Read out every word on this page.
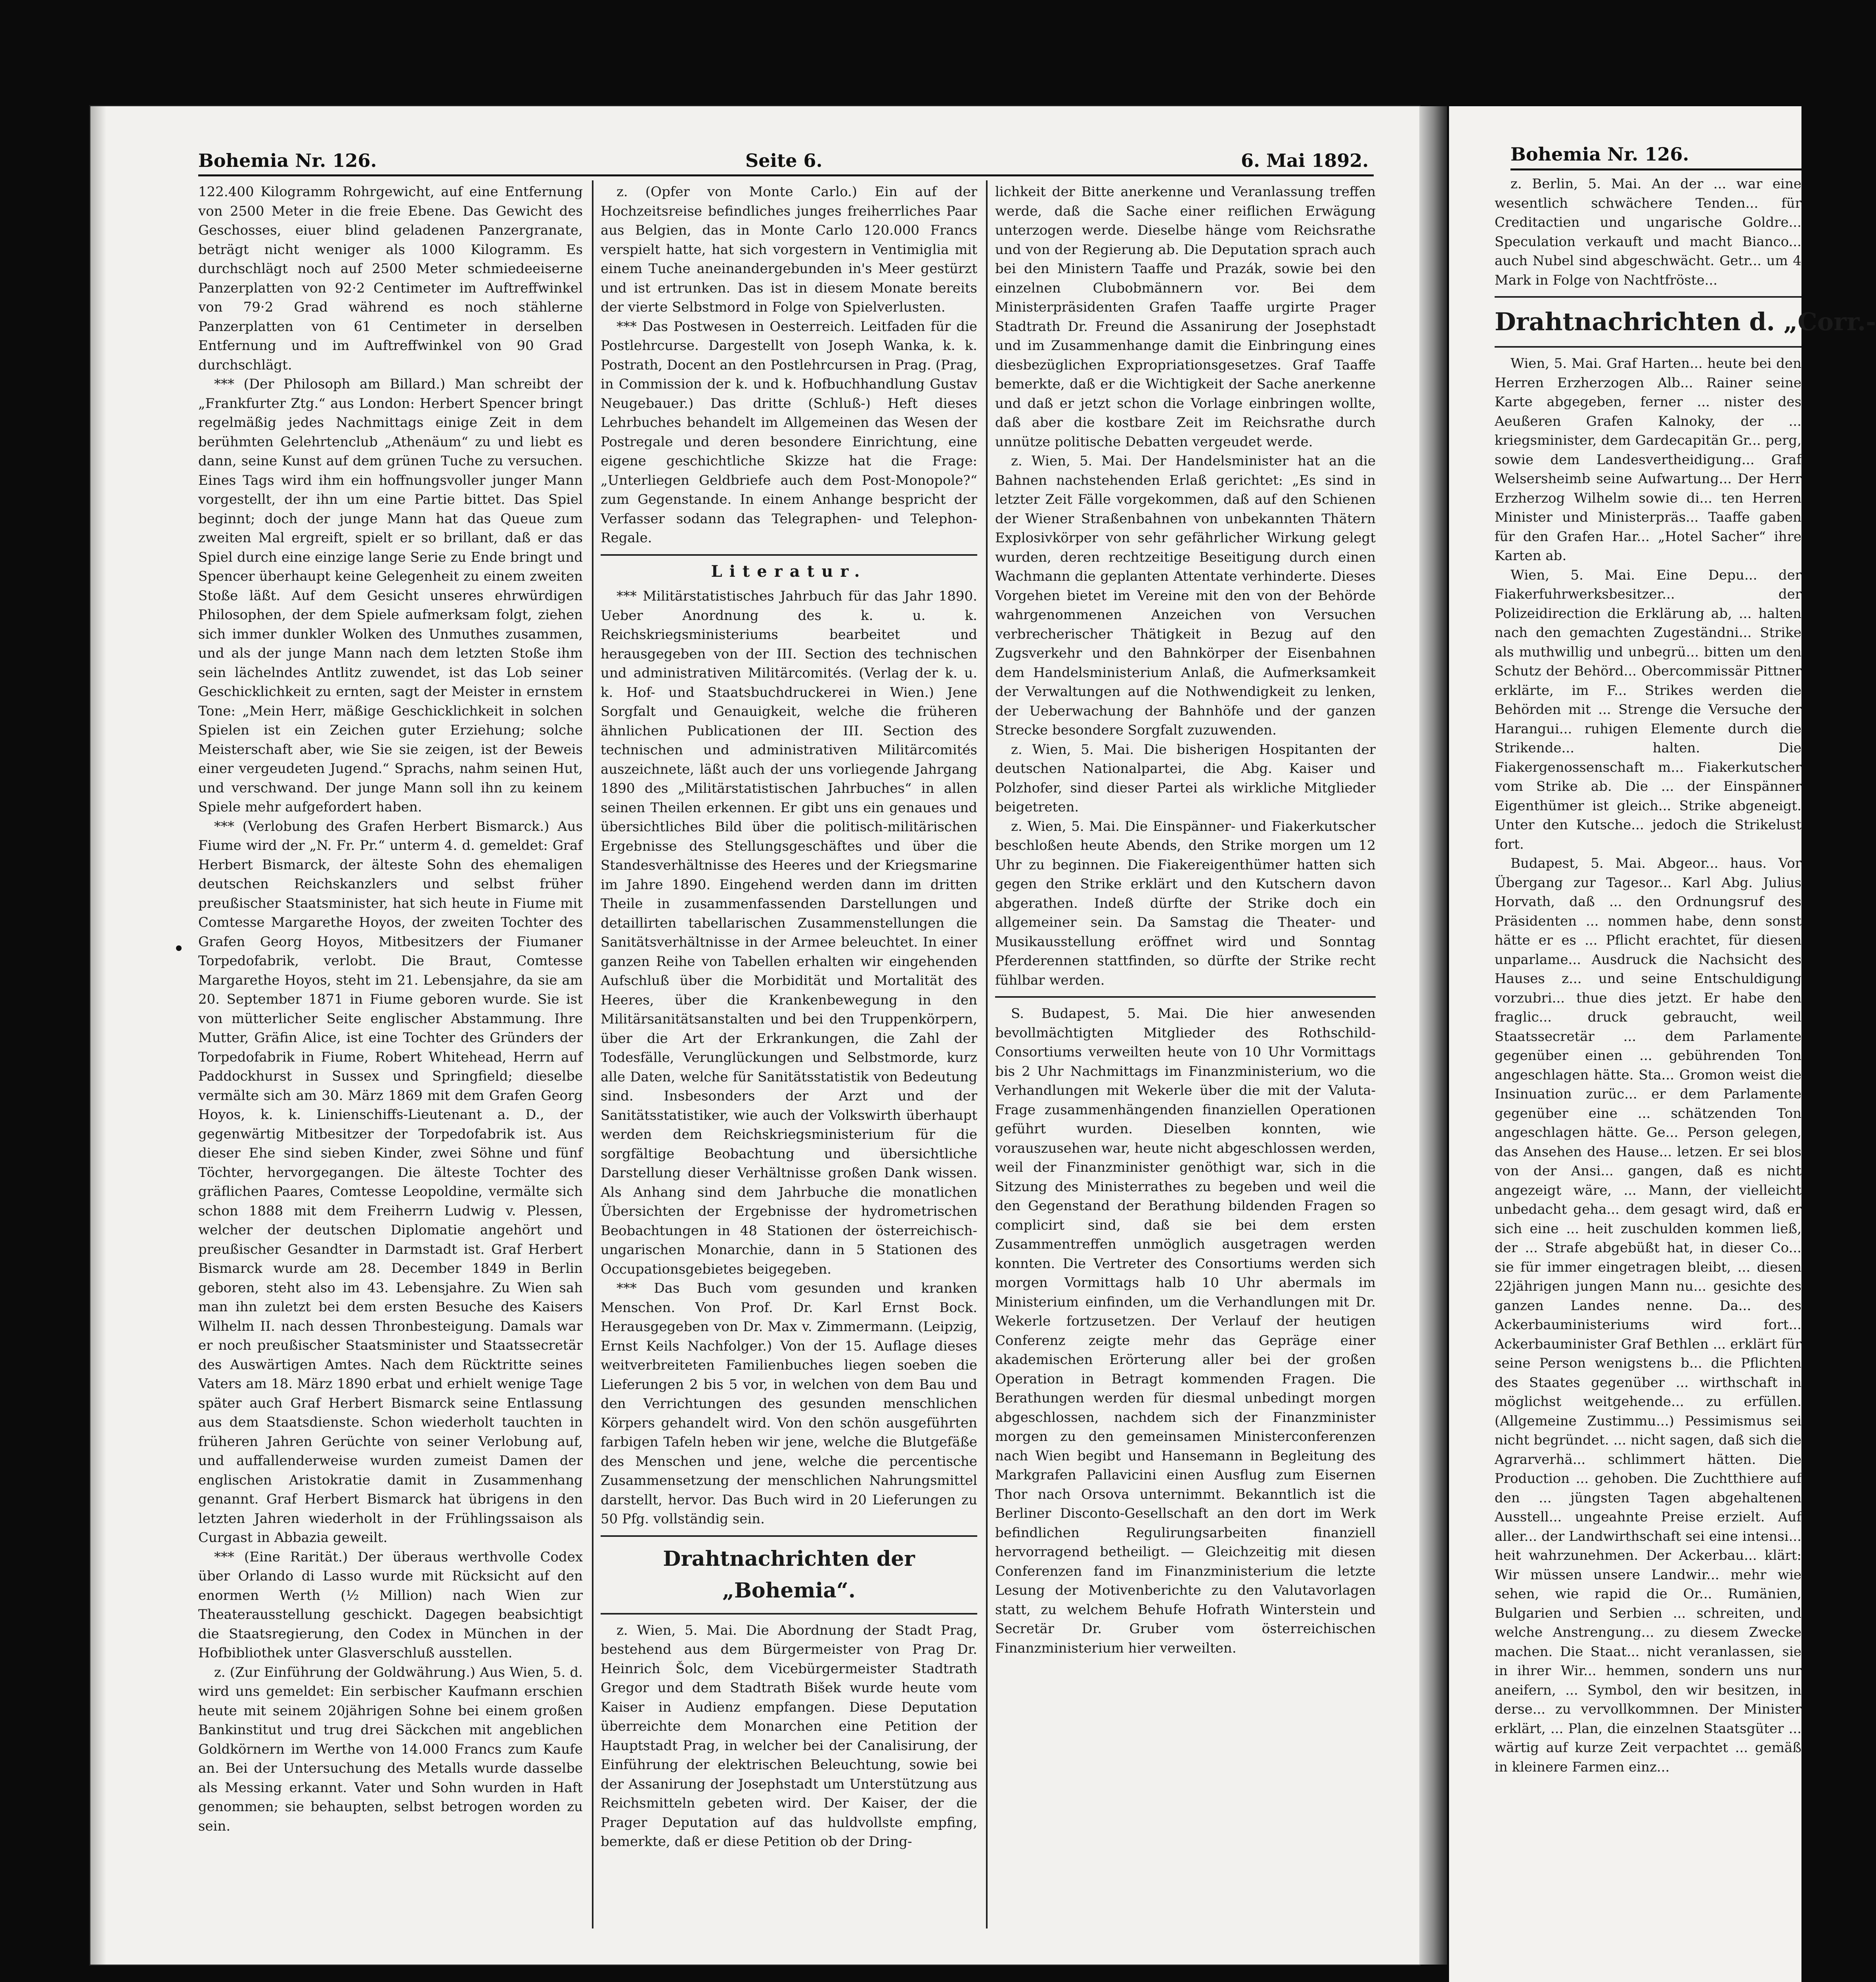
Bohemia Nr. 126.	Seite 6.	6. Mai 1892.

122.400 Kilogramm Rohrgewicht, auf eine Entfernung von 2500 Meter in die freie Ebene. Das Gewicht des Geschosses, eiuer blind geladenen Panzergranate, beträgt nicht weniger als 1000 Kilogramm. Es durchschlägt noch auf 2500 Meter schmiedeeiserne Panzerplatten von 92·2 Centimeter im Auftreffwinkel von 79·2 Grad während es noch stählerne Panzerplatten von 61 Centimeter in derselben Entfernung und im Auftreffwinkel von 90 Grad durchschlägt.

*** (Der Philosoph am Billard.) Man schreibt der „Frankfurter Ztg.“ aus London: Herbert Spencer bringt regelmäßig jedes Nachmittags einige Zeit in dem berühmten Gelehrtenclub „Athenäum“ zu und liebt es dann, seine Kunst auf dem grünen Tuche zu versuchen. Eines Tags wird ihm ein hoffnungsvoller junger Mann vorgestellt, der ihn um eine Partie bittet. Das Spiel beginnt; doch der junge Mann hat das Queue zum zweiten Mal ergreift, spielt er so brillant, daß er das Spiel durch eine einzige lange Serie zu Ende bringt und Spencer überhaupt keine Gelegenheit zu einem zweiten Stoße läßt. Auf dem Gesicht unseres ehrwürdigen Philosophen, der dem Spiele aufmerksam folgt, ziehen sich immer dunkler Wolken des Unmuthes zusammen, und als der junge Mann nach dem letzten Stoße ihm sein lächelndes Antlitz zuwendet, ist das Lob seiner Geschicklichkeit zu ernten, sagt der Meister in ernstem Tone: „Mein Herr, mäßige Geschicklichkeit in solchen Spielen ist ein Zeichen guter Erziehung; solche Meisterschaft aber, wie Sie sie zeigen, ist der Beweis einer vergeudeten Jugend.“ Sprachs, nahm seinen Hut, und verschwand. Der junge Mann soll ihn zu keinem Spiele mehr aufgefordert haben.

*** (Verlobung des Grafen Herbert Bismarck.) Aus Fiume wird der „N. Fr. Pr.“ unterm 4. d. gemeldet: Graf Herbert Bismarck, der älteste Sohn des ehemaligen deutschen Reichskanzlers und selbst früher preußischer Staatsminister, hat sich heute in Fiume mit Comtesse Margarethe Hoyos, der zweiten Tochter des Grafen Georg Hoyos, Mitbesitzers der Fiumaner Torpedofabrik, verlobt. Die Braut, Comtesse Margarethe Hoyos, steht im 21. Lebensjahre, da sie am 20. September 1871 in Fiume geboren wurde. Sie ist von mütterlicher Seite englischer Abstammung. Ihre Mutter, Gräfin Alice, ist eine Tochter des Gründers der Torpedofabrik in Fiume, Robert Whitehead, Herrn auf Paddockhurst in Sussex und Springfield; dieselbe vermälte sich am 30. März 1869 mit dem Grafen Georg Hoyos, k. k. Linienschiffs-Lieutenant a. D., der gegenwärtig Mitbesitzer der Torpedofabrik ist. Aus dieser Ehe sind sieben Kinder, zwei Söhne und fünf Töchter, hervorgegangen. Die älteste Tochter des gräflichen Paares, Comtesse Leopoldine, vermälte sich schon 1888 mit dem Freiherrn Ludwig v. Plessen, welcher der deutschen Diplomatie angehört und preußischer Gesandter in Darmstadt ist. Graf Herbert Bismarck wurde am 28. December 1849 in Berlin geboren, steht also im 43. Lebensjahre. Zu Wien sah man ihn zuletzt bei dem ersten Besuche des Kaisers Wilhelm II. nach dessen Thronbesteigung. Damals war er noch preußischer Staatsminister und Staatssecretär des Auswärtigen Amtes. Nach dem Rücktritte seines Vaters am 18. März 1890 erbat und erhielt wenige Tage später auch Graf Herbert Bismarck seine Entlassung aus dem Staatsdienste. Schon wiederholt tauchten in früheren Jahren Gerüchte von seiner Verlobung auf, und auffallenderweise wurden zumeist Damen der englischen Aristokratie damit in Zusammenhang genannt. Graf Herbert Bismarck hat übrigens in den letzten Jahren wiederholt in der Frühlingssaison als Curgast in Abbazia geweilt.

*** (Eine Rarität.) Der überaus werthvolle Codex über Orlando di Lasso wurde mit Rücksicht auf den enormen Werth (½ Million) nach Wien zur Theaterausstellung geschickt. Dagegen beabsichtigt die Staatsregierung, den Codex in München in der Hofbibliothek unter Glasverschluß ausstellen.

z. (Zur Einführung der Goldwährung.) Aus Wien, 5. d. wird uns gemeldet: Ein serbischer Kaufmann erschien heute mit seinem 20jährigen Sohne bei einem großen Bankinstitut und trug drei Säckchen mit angeblichen Goldkörnern im Werthe von 14.000 Francs zum Kaufe an. Bei der Untersuchung des Metalls wurde dasselbe als Messing erkannt. Vater und Sohn wurden in Haft genommen; sie behaupten, selbst betrogen worden zu sein.

z. (Opfer von Monte Carlo.) Ein auf der Hochzeitsreise befindliches junges freiherrliches Paar aus Belgien, das in Monte Carlo 120.000 Francs verspielt hatte, hat sich vorgestern in Ventimiglia mit einem Tuche aneinandergebunden in's Meer gestürzt und ist ertrunken. Das ist in diesem Monate bereits der vierte Selbstmord in Folge von Spielverlusten.

*** Das Postwesen in Oesterreich. Leitfaden für die Postlehrcurse. Dargestellt von Joseph Wanka, k. k. Postrath, Docent an den Postlehrcursen in Prag. (Prag, in Commission der k. und k. Hofbuchhandlung Gustav Neugebauer.) Das dritte (Schluß-) Heft dieses Lehrbuches behandelt im Allgemeinen das Wesen der Postregale und deren besondere Einrichtung, eine eigene geschichtliche Skizze hat die Frage: „Unterliegen Geldbriefe auch dem Post-Monopole?“ zum Gegenstande. In einem Anhange bespricht der Verfasser sodann das Telegraphen- und Telephon-Regale.

Literatur.

*** Militärstatistisches Jahrbuch für das Jahr 1890. Ueber Anordnung des k. u. k. Reichskriegsministeriums bearbeitet und herausgegeben von der III. Section des technischen und administrativen Militärcomités. (Verlag der k. u. k. Hof- und Staatsbuchdruckerei in Wien.) Jene Sorgfalt und Genauigkeit, welche die früheren ähnlichen Publicationen der III. Section des technischen und administrativen Militärcomités auszeichnete, läßt auch der uns vorliegende Jahrgang 1890 des „Militärstatistischen Jahrbuches“ in allen seinen Theilen erkennen. Er gibt uns ein genaues und übersichtliches Bild über die politisch-militärischen Ergebnisse des Stellungsgeschäftes und über die Standesverhältnisse des Heeres und der Kriegsmarine im Jahre 1890. Eingehend werden dann im dritten Theile in zusammenfassenden Darstellungen und detaillirten tabellarischen Zusammenstellungen die Sanitätsverhältnisse in der Armee beleuchtet. In einer ganzen Reihe von Tabellen erhalten wir eingehenden Aufschluß über die Morbidität und Mortalität des Heeres, über die Krankenbewegung in den Militärsanitätsanstalten und bei den Truppenkörpern, über die Art der Erkrankungen, die Zahl der Todesfälle, Verunglückungen und Selbstmorde, kurz alle Daten, welche für Sanitätsstatistik von Bedeutung sind. Insbesonders der Arzt und der Sanitätsstatistiker, wie auch der Volkswirth überhaupt werden dem Reichskriegsministerium für die sorgfältige Beobachtung und übersichtliche Darstellung dieser Verhältnisse großen Dank wissen. Als Anhang sind dem Jahrbuche die monatlichen Übersichten der Ergebnisse der hydrometrischen Beobachtungen in 48 Stationen der österreichisch-ungarischen Monarchie, dann in 5 Stationen des Occupationsgebietes beigegeben.

*** Das Buch vom gesunden und kranken Menschen. Von Prof. Dr. Karl Ernst Bock. Herausgegeben von Dr. Max v. Zimmermann. (Leipzig, Ernst Keils Nachfolger.) Von der 15. Auflage dieses weitverbreiteten Familienbuches liegen soeben die Lieferungen 2 bis 5 vor, in welchen von dem Bau und den Verrichtungen des gesunden menschlichen Körpers gehandelt wird. Von den schön ausgeführten farbigen Tafeln heben wir jene, welche die Blutgefäße des Menschen und jene, welche die percentische Zusammensetzung der menschlichen Nahrungsmittel darstellt, hervor. Das Buch wird in 20 Lieferungen zu 50 Pfg. vollständig sein.

Drahtnachrichten der „Bohemia“.

z. Wien, 5. Mai. Die Abordnung der Stadt Prag, bestehend aus dem Bürgermeister von Prag Dr. Heinrich Šolc, dem Vicebürgermeister Stadtrath Gregor und dem Stadtrath Bišek wurde heute vom Kaiser in Audienz empfangen. Diese Deputation überreichte dem Monarchen eine Petition der Hauptstadt Prag, in welcher bei der Canalisirung, der Einführung der elektrischen Beleuchtung, sowie bei der Assanirung der Josephstadt um Unterstützung aus Reichsmitteln gebeten wird. Der Kaiser, der die Prager Deputation auf das huldvollste empfing, bemerkte, daß er diese Petition ob der Dring-

lichkeit der Bitte anerkenne und Veranlassung treffen werde, daß die Sache einer reiflichen Erwägung unterzogen werde. Dieselbe hänge vom Reichsrathe und von der Regierung ab. Die Deputation sprach auch bei den Ministern Taaffe und Prazák, sowie bei den einzelnen Clubobmännern vor. Bei dem Ministerpräsidenten Grafen Taaffe urgirte Prager Stadtrath Dr. Freund die Assanirung der Josephstadt und im Zusammenhange damit die Einbringung eines diesbezüglichen Expropriationsgesetzes. Graf Taaffe bemerkte, daß er die Wichtigkeit der Sache anerkenne und daß er jetzt schon die Vorlage einbringen wollte, daß aber die kostbare Zeit im Reichsrathe durch unnütze politische Debatten vergeudet werde.

z. Wien, 5. Mai. Der Handelsminister hat an die Bahnen nachstehenden Erlaß gerichtet: „Es sind in letzter Zeit Fälle vorgekommen, daß auf den Schienen der Wiener Straßenbahnen von unbekannten Thätern Explosivkörper von sehr gefährlicher Wirkung gelegt wurden, deren rechtzeitige Beseitigung durch einen Wachmann die geplanten Attentate verhinderte. Dieses Vorgehen bietet im Vereine mit den von der Behörde wahrgenommenen Anzeichen von Versuchen verbrecherischer Thätigkeit in Bezug auf den Zugsverkehr und den Bahnkörper der Eisenbahnen dem Handelsministerium Anlaß, die Aufmerksamkeit der Verwaltungen auf die Nothwendigkeit zu lenken, der Ueberwachung der Bahnhöfe und der ganzen Strecke besondere Sorgfalt zuzuwenden.

z. Wien, 5. Mai. Die bisherigen Hospitanten der deutschen Nationalpartei, die Abg. Kaiser und Polzhofer, sind dieser Partei als wirkliche Mitglieder beigetreten.

z. Wien, 5. Mai. Die Einspänner- und Fiakerkutscher beschloßen heute Abends, den Strike morgen um 12 Uhr zu beginnen. Die Fiakereigenthümer hatten sich gegen den Strike erklärt und den Kutschern davon abgerathen. Indeß dürfte der Strike doch ein allgemeiner sein. Da Samstag die Theater- und Musikausstellung eröffnet wird und Sonntag Pferderennen stattfinden, so dürfte der Strike recht fühlbar werden.

S. Budapest, 5. Mai. Die hier anwesenden bevollmächtigten Mitglieder des Rothschild-Consortiums verweilten heute von 10 Uhr Vormittags bis 2 Uhr Nachmittags im Finanzministerium, wo die Verhandlungen mit Wekerle über die mit der Valuta-Frage zusammenhängenden finanziellen Operationen geführt wurden. Dieselben konnten, wie vorauszusehen war, heute nicht abgeschlossen werden, weil der Finanzminister genöthigt war, sich in die Sitzung des Ministerrathes zu begeben und weil die den Gegenstand der Berathung bildenden Fragen so complicirt sind, daß sie bei dem ersten Zusammentreffen unmöglich ausgetragen werden konnten. Die Vertreter des Consortiums werden sich morgen Vormittags halb 10 Uhr abermals im Ministerium einfinden, um die Verhandlungen mit Dr. Wekerle fortzusetzen. Der Verlauf der heutigen Conferenz zeigte mehr das Gepräge einer akademischen Erörterung aller bei der großen Operation in Betragt kommenden Fragen. Die Berathungen werden für diesmal unbedingt morgen abgeschlossen, nachdem sich der Finanzminister morgen zu den gemeinsamen Ministerconferenzen nach Wien begibt und Hansemann in Begleitung des Markgrafen Pallavicini einen Ausflug zum Eisernen Thor nach Orsova unternimmt. Bekanntlich ist die Berliner Disconto-Gesellschaft an den dort im Werk befindlichen Regulirungsarbeiten finanziell hervorragend betheiligt. — Gleichzeitig mit diesen Conferenzen fand im Finanzministerium die letzte Lesung der Motivenberichte zu den Valutavorlagen statt, zu welchem Behufe Hofrath Winterstein und Secretär Dr. Gruber vom österreichischen Finanzministerium hier verweilten.

Bohemia Nr. 126.

z. Berlin, 5. Mai. An der ... war eine wesentlich schwächere Tenden... für Creditactien und ungarische Goldre... Speculation verkauft und macht Bianco... auch Nubel sind abgeschwächt. Getr... um 4 Mark in Folge von Nachtfröste...

Drahtnachrichten d. „Corr.-

Wien, 5. Mai. Graf Harten... heute bei den Herren Erzherzogen Alb... Rainer seine Karte abgegeben, ferner ... nister des Aeußeren Grafen Kalnoky, der ... kriegsminister, dem Gardecapitän Gr... perg, sowie dem Landesvertheidigung... Graf Welsersheimb seine Aufwartung... Der Herr Erzherzog Wilhelm sowie di... ten Herren Minister und Ministerpräs... Taaffe gaben für den Grafen Har... „Hotel Sacher“ ihre Karten ab.

Wien, 5. Mai. Eine Depu... der Fiakerfuhrwerksbesitzer... der Polizeidirection die Erklärung ab, ... halten nach den gemachten Zugeständni... Strike als muthwillig und unbegrü... bitten um den Schutz der Behörd... Obercommissär Pittner erklärte, im F... Strikes werden die Behörden mit ... Strenge die Versuche der Harangui... ruhigen Elemente durch die Strikende... halten. Die Fiakergenossenschaft m... Fiakerkutscher vom Strike ab. Die ... der Einspänner Eigenthümer ist gleich... Strike abgeneigt. Unter den Kutsche... jedoch die Strikelust fort.

Budapest, 5. Mai. Abgeor... haus. Vor Übergang zur Tagesor... Karl Abg. Julius Horvath, daß ... den Ordnungsruf des Präsidenten ... nommen habe, denn sonst hätte er es ... Pflicht erachtet, für diesen unparlame... Ausdruck die Nachsicht des Hauses z... und seine Entschuldigung vorzubri... thue dies jetzt. Er habe den fraglic... druck gebraucht, weil Staatssecretär ... dem Parlamente gegenüber einen ... gebührenden Ton angeschlagen hätte. Sta... Gromon weist die Insinuation zurüc... er dem Parlamente gegenüber eine ... schätzenden Ton angeschlagen hätte. Ge... Person gelegen, das Ansehen des Hause... letzen. Er sei blos von der Ansi... gangen, daß es nicht angezeigt wäre, ... Mann, der vielleicht unbedacht geha... dem gesagt wird, daß er sich eine ... heit zuschulden kommen ließ, der ... Strafe abgebüßt hat, in dieser Co... sie für immer eingetragen bleibt, ... diesen 22jährigen jungen Mann nu... gesichte des ganzen Landes nenne. Da... des Ackerbauministeriums wird fort... Ackerbauminister Graf Bethlen ... erklärt für seine Person wenigstens b... die Pflichten des Staates gegenüber ... wirthschaft in möglichst weitgehende... zu erfüllen. (Allgemeine Zustimmu...) Pessimismus sei nicht begründet. ... nicht sagen, daß sich die Agrarverhä... schlimmert hätten. Die Production ... gehoben. Die Zuchtthiere auf den ... jüngsten Tagen abgehaltenen Ausstell... ungeahnte Preise erzielt. Auf aller... der Landwirthschaft sei eine intensi... heit wahrzunehmen. Der Ackerbau... klärt: Wir müssen unsere Landwir... mehr wie sehen, wie rapid die Or... Rumänien, Bulgarien und Serbien ... schreiten, und welche Anstrengung... zu diesem Zwecke machen. Die Staat... nicht veranlassen, sie in ihrer Wir... hemmen, sondern uns nur aneifern, ... Symbol, den wir besitzen, in derse... zu vervollkommnen. Der Minister erklärt, ... Plan, die einzelnen Staatsgüter ... wärtig auf kurze Zeit verpachtet ... gemäß in kleinere Farmen einz...
